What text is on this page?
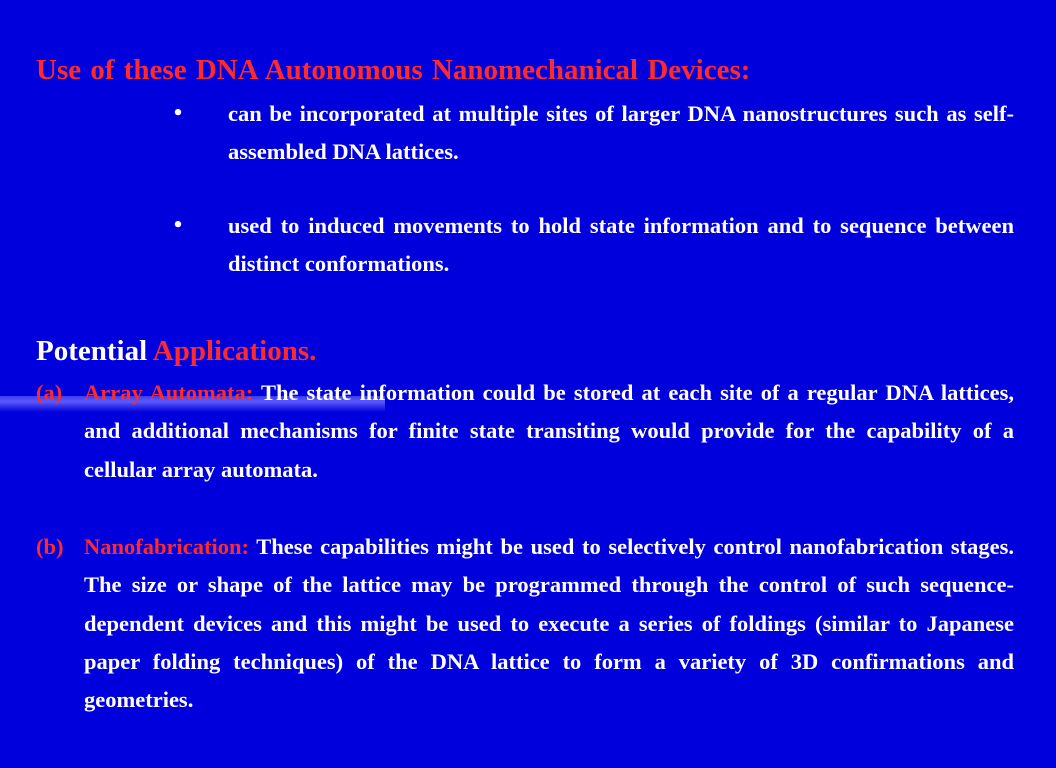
Use of these DNA Autonomous Nanomechanical Devices:
• can be incorporated at multiple sites of larger DNA nanostructures such as self-assembled DNA lattices.
• used to induced movements to hold state information and to sequence between distinct conformations.
Potential Applications.
(a) Array Automata: The state information could be stored at each site of a regular DNA lattices, and additional mechanisms for finite state transiting would provide for the capability of a cellular array automata.
(b) Nanofabrication: These capabilities might be used to selectively control nanofabrication stages. The size or shape of the lattice may be programmed through the control of such sequence-dependent devices and this might be used to execute a series of foldings (similar to Japanese paper folding techniques) of the DNA lattice to form a variety of 3D confirmations and geometries.
